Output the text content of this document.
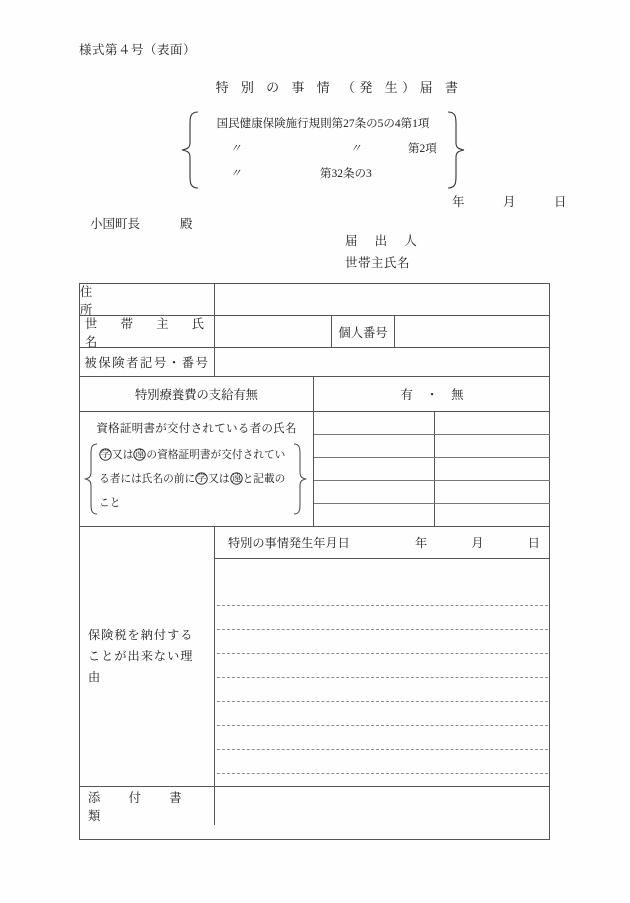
様式第４号（表面）
特 別 の 事 情 （発 生）届 書
国民健康保険施行規則第27条の5の4第1項
〃	〃	第2項
〃	第32条の3
年　月　日
小国町長	殿
届 出 人
世帯主氏名
住　　　　　　所
世　帯　主　氏　名
個人番号
被保険者記号・番号
特別療養費の支給有無	有 ・ 無
資格証明書が交付されている者の氏名
学 又は 遠 の資格証明書が交付されている者には氏名の前に 学 又は 遠 と記載のこと
保険税を納付することが出来ない理由
特別の事情発生年月日	年　月　日
添　付　書　類
